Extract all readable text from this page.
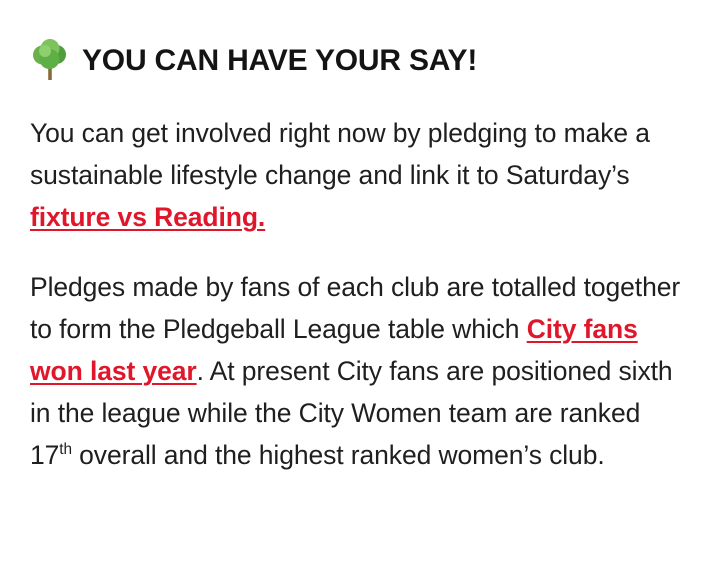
YOU CAN HAVE YOUR SAY!

You can get involved right now by pledging to make a sustainable lifestyle change and link it to Saturday’s fixture vs Reading.

Pledges made by fans of each club are totalled together to form the Pledgeball League table which City fans won last year. At present City fans are positioned sixth in the league while the City Women team are ranked 17th overall and the highest ranked women’s club.
